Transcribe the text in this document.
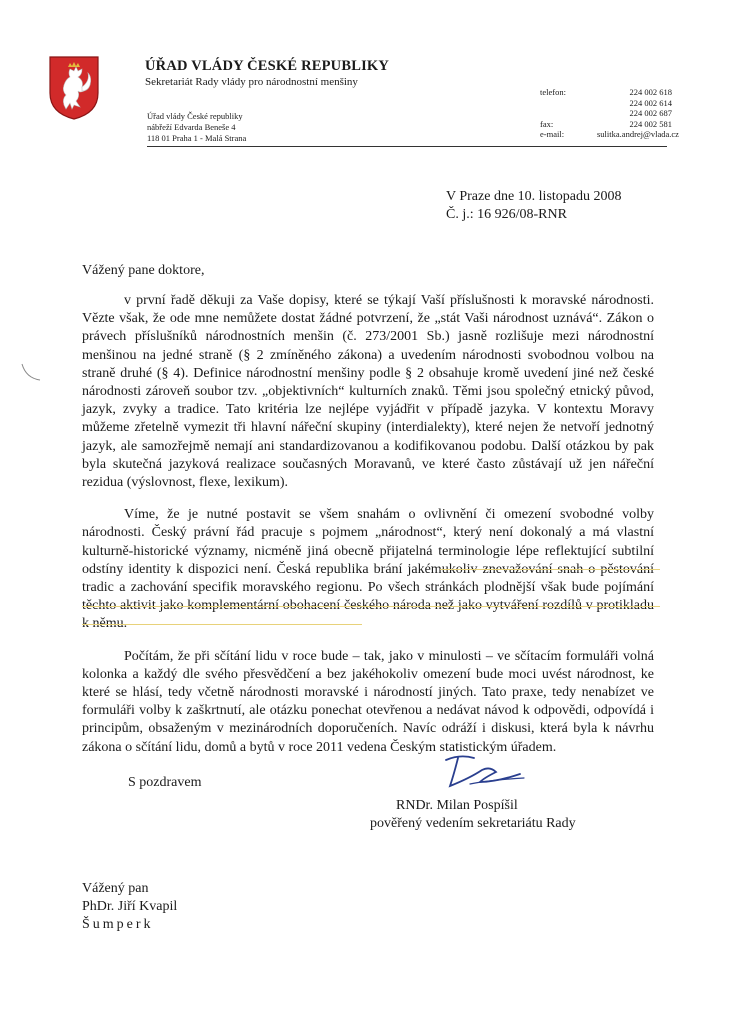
ÚŘAD VLÁDY ČESKÉ REPUBLIKY
Sekretariát Rady vlády pro národnostní menšiny
Úřad vlády České republiky
nábřeží Edvarda Beneše 4
118 01 Praha 1 - Malá Strana
telefon:	224 002 618
224 002 614
224 002 687
fax:	224 002 581
e-mail:	sulitka.andrej@vlada.cz
V Praze dne 10. listopadu 2008
Č. j.: 16 926/08-RNR
Vážený pane doktore,

v první řadě děkuji za Vaše dopisy, které se týkají Vaší příslušnosti k moravské národnosti. Vězte však, že ode mne nemůžete dostat žádné potvrzení, že „stát Vaši národnost uznává“. Zákon o právech příslušníků národnostních menšin (č. 273/2001 Sb.) jasně rozlišuje mezi národnostní menšinou na jedné straně (§ 2 zmíněného zákona) a uvedením národnosti svobodnou volbou na straně druhé (§ 4). Definice národnostní menšiny podle § 2 obsahuje kromě uvedení jiné než české národnosti zároveň soubor tzv. „objektivních“ kulturních znaků. Těmi jsou společný etnický původ, jazyk, zvyky a tradice. Tato kritéria lze nejlépe vyjádřit v případě jazyka. V kontextu Moravy můžeme zřetelně vymezit tři hlavní nářeční skupiny (interdialekty), které nejen že netvoří jednotný jazyk, ale samozřejmě nemají ani standardizovanou a kodifikovanou podobu. Další otázkou by pak byla skutečná jazyková realizace současných Moravanů, ve které často zůstávají už jen nářeční rezidua (výslovnost, flexe, lexikum).

Víme, že je nutné postavit se všem snahám o ovlivnění či omezení svobodné volby národnosti. Český právní řád pracuje s pojmem „národnost“, který není dokonalý a má vlastní kulturně-historické významy, nicméně jiná obecně přijatelná terminologie lépe reflektující subtilní odstíny identity k dispozici není. Česká republika brání jakémukoliv znevažování snah o pěstování tradic a zachování specifik moravského regionu. Po všech stránkách plodnější však bude pojímání těchto aktivit jako komplementární obohacení českého národa než jako vytváření rozdílů v protikladu k němu.

Počítám, že při sčítání lidu v roce bude – tak, jako v minulosti – ve sčítacím formuláři volná kolonka a každý dle svého přesvědčení a bez jakéhokoliv omezení bude moci uvést národnost, ke které se hlásí, tedy včetně národnosti moravské i národností jiných. Tato praxe, tedy nenabízet ve formuláři volby k zaškrtnutí, ale otázku ponechat otevřenou a nedávat návod k odpovědi, odpovídá i principům, obsaženým v mezinárodních doporučeních. Navíc odráží i diskusi, která byla k návrhu zákona o sčítání lidu, domů a bytů v roce 2011 vedena Českým statistickým úřadem.

S pozdravem
RNDr. Milan Pospíšil
pověřený vedením sekretariátu Rady
Vážený pan
PhDr. Jiří Kvapil
Šumperk
